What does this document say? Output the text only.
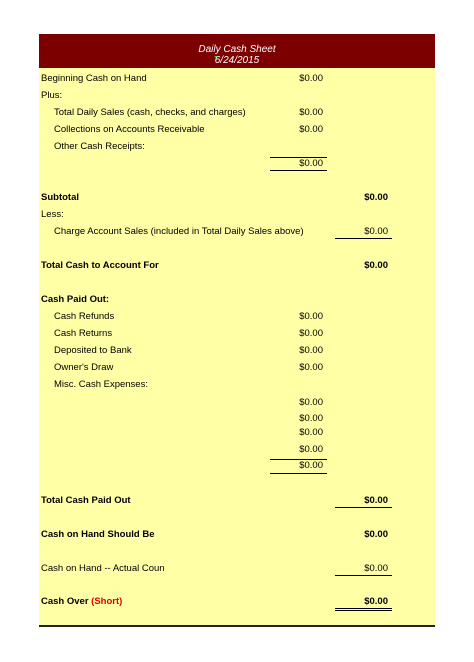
Daily Cash Sheet
6/24/2015
Beginning Cash on Hand	$0.00
Plus:
Total Daily Sales (cash, checks, and charges)	$0.00
Collections on Accounts Receivable	$0.00
Other Cash Receipts:
$0.00
Subtotal	$0.00
Less:
Charge Account Sales (included in Total Daily Sales above)	$0.00
Total Cash to Account For	$0.00
Cash Paid Out:
Cash Refunds	$0.00
Cash Returns	$0.00
Deposited to Bank	$0.00
Owner's Draw	$0.00
Misc. Cash Expenses:
$0.00
$0.00
$0.00
$0.00
$0.00
Total Cash Paid Out	$0.00
Cash on Hand Should Be	$0.00
Cash on Hand -- Actual Coun	$0.00
Cash Over (Short)	$0.00
